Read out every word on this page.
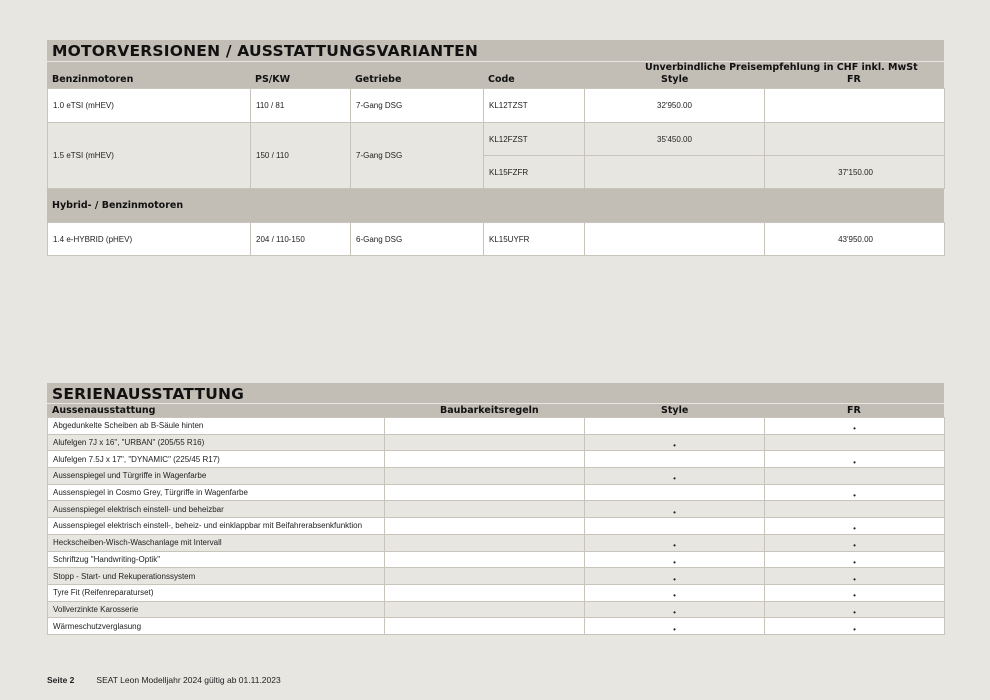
MOTORVERSIONEN / AUSSTATTUNGSVARIANTEN
Unverbindliche Preisempfehlung in CHF inkl. MwSt
Benzinmotoren	PS/KW	Getriebe	Code	Style	FR
1.0 eTSI (mHEV)	110 / 81	7-Gang DSG	KL12TZST	32'950.00	
1.5 eTSI (mHEV)	150 / 110	7-Gang DSG	KL12FZST	35'450.00	
			KL15FZFR		37'150.00
Hybrid- / Benzinmotoren
1.4 e-HYBRID (pHEV)	204 / 110-150	6-Gang DSG	KL15UYFR		43'950.00
SERIENAUSSTATTUNG
Aussenausstattung	Baubarkeitsregeln	Style	FR
Abgedunkelte Scheiben ab B-Säule hinten			•
Alufelgen 7J x 16", "URBAN" (205/55 R16)		•	
Alufelgen 7.5J x 17", "DYNAMIC" (225/45 R17)			•
Aussenspiegel und Türgriffe in Wagenfarbe		•	
Aussenspiegel in Cosmo Grey, Türgriffe in Wagenfarbe			•
Aussenspiegel elektrisch einstell- und beheizbar		•	
Aussenspiegel elektrisch einstell-, beheiz- und einklappbar mit Beifahrerabsenkfunktion			•
Heckscheiben-Wisch-Waschanlage mit Intervall		•	•
Schriftzug "Handwriting-Optik"		•	•
Stopp - Start- und Rekuperationssystem		•	•
Tyre Fit (Reifenreparaturset)		•	•
Vollverzinkte Karosserie		•	•
Wärmeschutzverglasung		•	•
Seite 2	SEAT Leon Modelljahr 2024 gültig ab 01.11.2023
